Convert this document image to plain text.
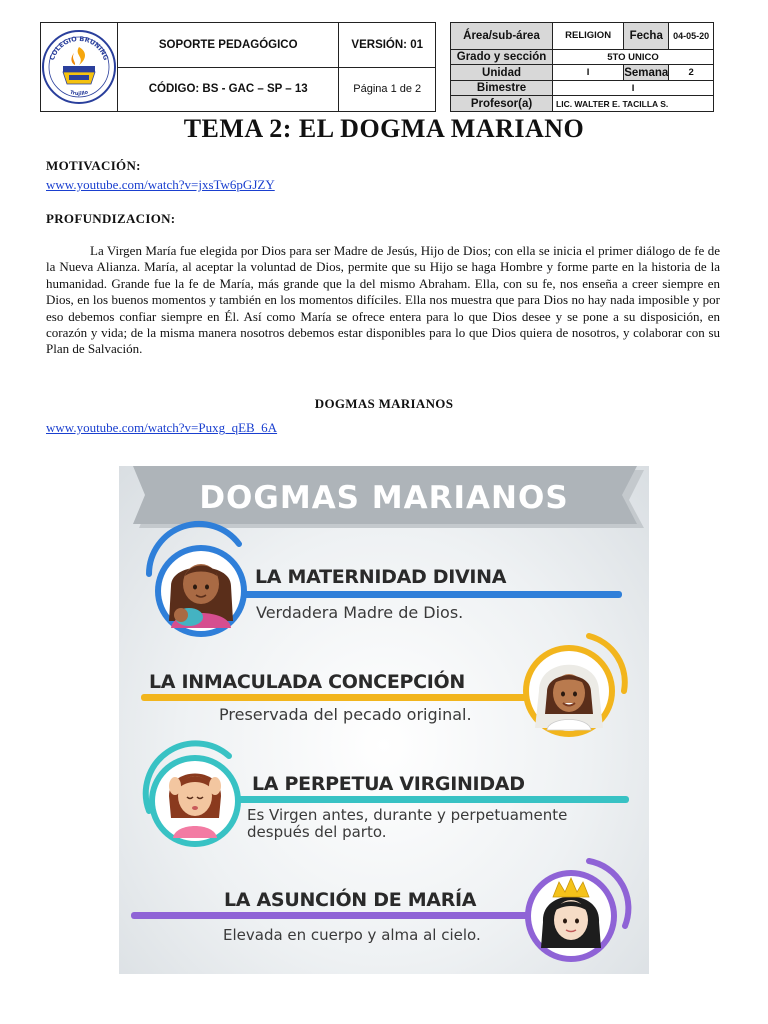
COLEGIO BRUNING
Trujillo	SOPORTE PEDAGÓGICO	VERSIÓN: 01
	CÓDIGO: BS - GAC – SP – 13	Página 1 de 2
Área/sub-área	RELIGION	Fecha	04-05-20
Grado y sección	5TO UNICO		
Unidad	I	Semana	2
Bimestre	I		
Profesor(a)	LIC. WALTER E. TACILLA S.		
TEMA 2: EL DOGMA MARIANO
MOTIVACIÓN:
www.youtube.com/watch?v=jxsTw6pGJZY
PROFUNDIZACION:

La Virgen María fue elegida por Dios para ser Madre de Jesús, Hijo de Dios; con ella se inicia el primer diálogo de fe de la Nueva Alianza. María, al aceptar la voluntad de Dios, permite que su Hijo se haga Hombre y forme parte en la historia de la humanidad. Grande fue la fe de María, más grande que la del mismo Abraham. Ella, con su fe, nos enseña a creer siempre en Dios, en los buenos momentos y también en los momentos difíciles. Ella nos muestra que para Dios no hay nada imposible y por eso debemos confiar siempre en Él. Así como María se ofrece entera para lo que Dios desee y se pone a su disposición, en corazón y vida; de la misma manera nosotros debemos estar disponibles para lo que Dios quiera de nosotros, y colaborar con su Plan de Salvación.

DOGMAS MARIANOS
www.youtube.com/watch?v=Puxg_qEB_6A
DOGMAS MARIANOS
LA MATERNIDAD DIVINA
Verdadera Madre de Dios.
LA INMACULADA CONCEPCIÓN
Preservada del pecado original.
LA PERPETUA VIRGINIDAD
Es Virgen antes, durante y perpetuamente
después del parto.
LA ASUNCIÓN DE MARÍA
Elevada en cuerpo y alma al cielo.
